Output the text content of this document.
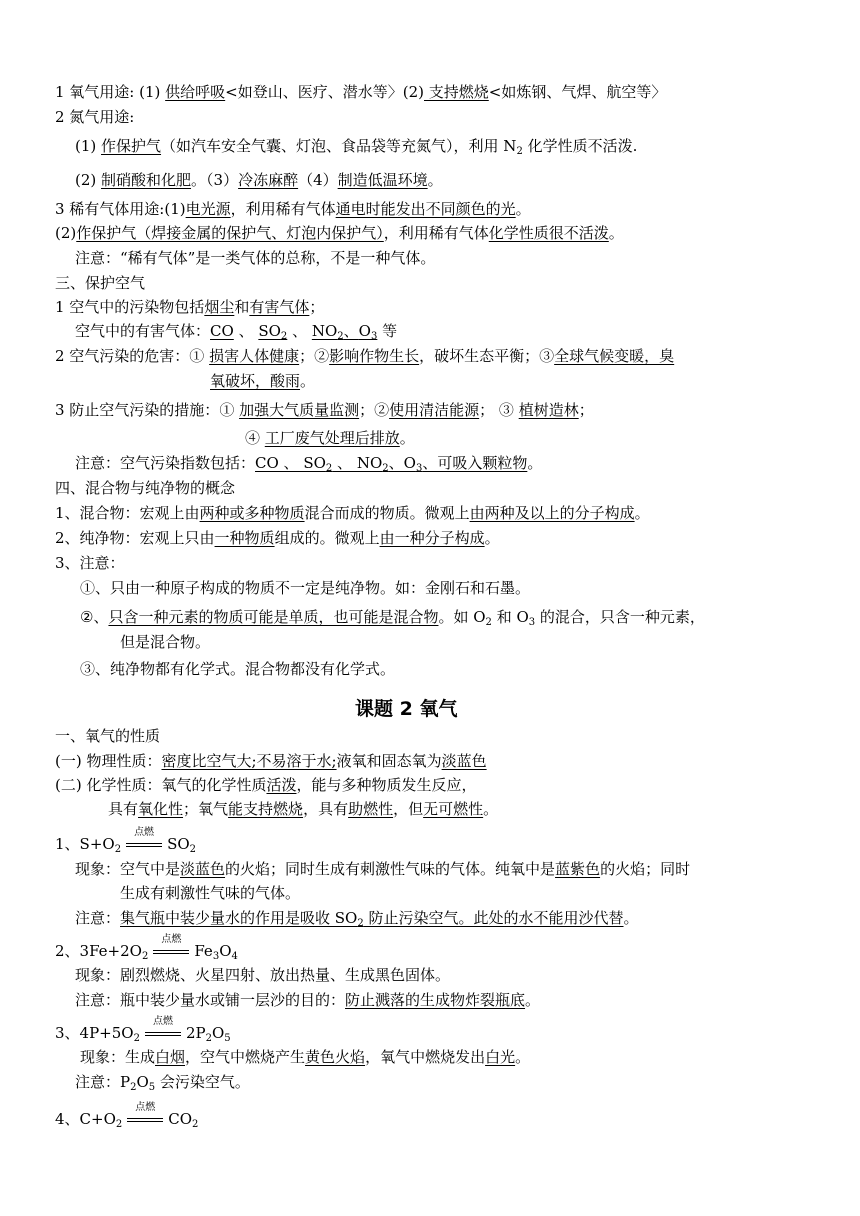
1 氧气用途: (1) 供给呼吸<如登山、医疗、潜水等〉(2) 支持燃烧<如炼钢、气焊、航空等〉
2 氮气用途:
(1) 作保护气（如汽车安全气囊、灯泡、食品袋等充氮气），利用 $N_2$ 化学性质不活泼.
(2) 制硝酸和化肥。（3）冷冻麻醉（4）制造低温环境。
3 稀有气体用途:(1)电光源，利用稀有气体通电时能发出不同颜色的光。
(2)作保护气（焊接金属的保护气、灯泡内保护气），利用稀有气体化学性质很不活泼。
注意：“稀有气体”是一类气体的总称，不是一种气体。
三、保护空气
1 空气中的污染物包括烟尘和有害气体；
空气中的有害气体：CO 、 $SO_2$ 、 $NO_2$、$O_3$ 等
2 空气污染的危害：① 损害人体健康；②影响作物生长，破坏生态平衡；③全球气候变暖，臭
氧破坏，酸雨。
3 防止空气污染的措施：① 加强大气质量监测；②使用清洁能源； ③ 植树造林；
④ 工厂废气处理后排放。
注意：空气污染指数包括：CO 、 $SO_2$ 、 $NO_2$、$O_3$、可吸入颗粒物。
四、混合物与纯净物的概念
1、混合物：宏观上由两种或多种物质混合而成的物质。微观上由两种及以上的分子构成。
2、纯净物：宏观上只由一种物质组成的。微观上由一种分子构成。
3、注意：
①、只由一种原子构成的物质不一定是纯净物。如：金刚石和石墨。
②、只含一种元素的物质可能是单质，也可能是混合物。如 $O_2$ 和 $O_3$ 的混合，只含一种元素，
但是混合物。
③、纯净物都有化学式。混合物都没有化学式。
课题 2 氧气
一、氧气的性质
(一) 物理性质：密度比空气大;不易溶于水;液氧和固态氧为淡蓝色
(二) 化学性质：氧气的化学性质活泼，能与多种物质发生反应，
具有氧化性；氧气能支持燃烧，具有助燃性，但无可燃性。
1、$S+O_2$
点燃
$SO_2$
现象：空气中是淡蓝色的火焰；同时生成有刺激性气味的气体。纯氧中是蓝紫色的火焰；同时
生成有刺激性气味的气体。
注意：集气瓶中装少量水的作用是吸收 $SO_2$ 防止污染空气。此处的水不能用沙代替。
2、$3Fe+2O_2$
点燃
$Fe_3O_4$
现象：剧烈燃烧、火星四射、放出热量、生成黑色固体。
注意：瓶中装少量水或铺一层沙的目的：防止溅落的生成物炸裂瓶底。
3、$4P+5O_2$
点燃
$2P_2O_5$
现象：生成白烟，空气中燃烧产生黄色火焰，氧气中燃烧发出白光。
注意：$P_2O_5$ 会污染空气。
4、$C+O_2$
点燃
$CO_2$
